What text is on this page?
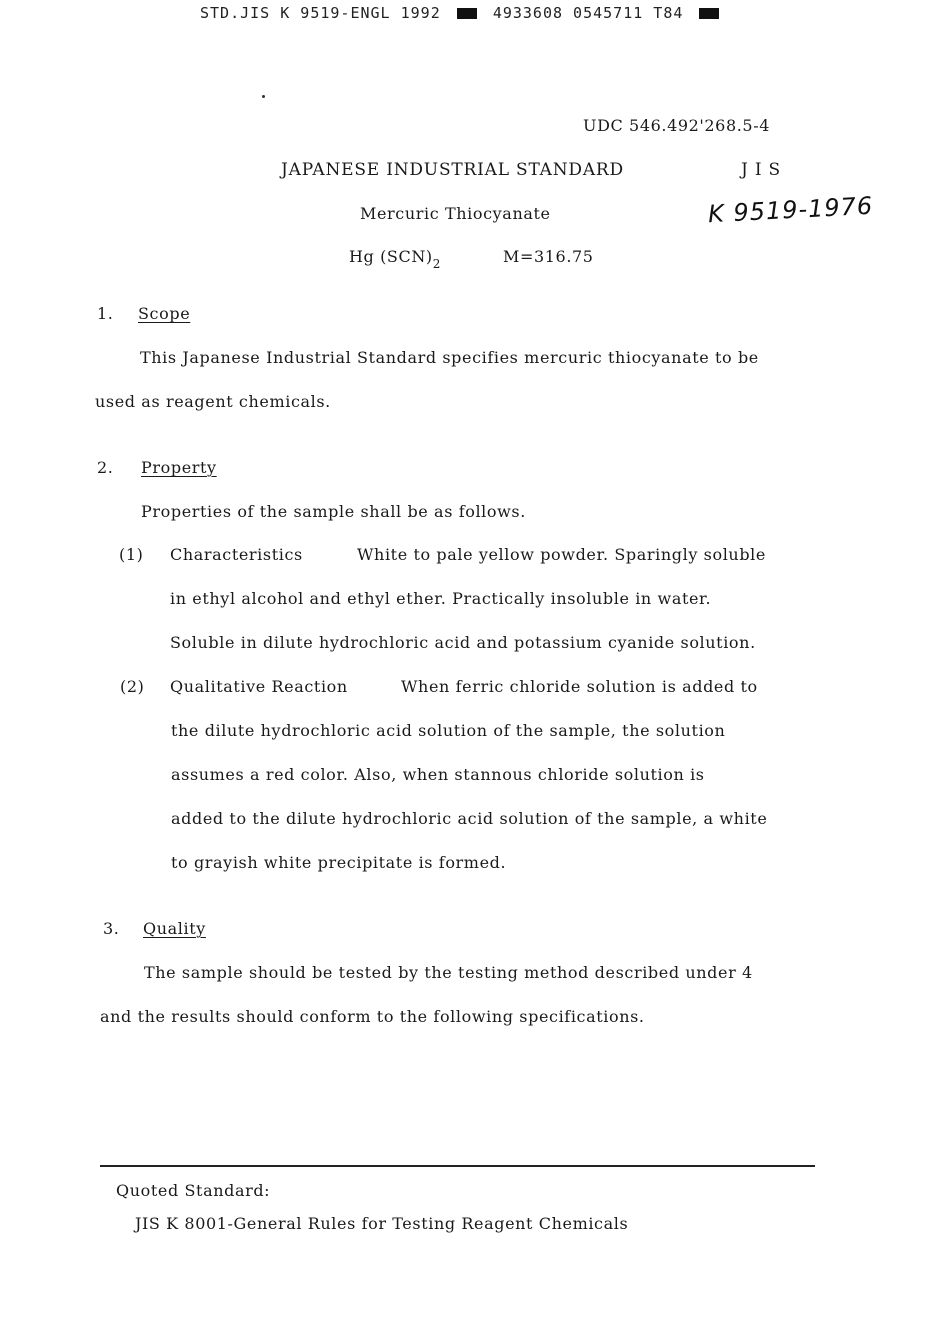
STD.JIS K 9519-ENGL 1992	4933608 0545711 T84
UDC 546.492'268.5-4
JAPANESE INDUSTRIAL STANDARD	J I S
K 9519-1976
Mercuric Thiocyanate
Hg $(SCN)_2$	M=316.75
1. Scope
This Japanese Industrial Standard specifies mercuric thiocyanate to be
used as reagent chemicals.
2. Property
Properties of the sample shall be as follows.
(1) Characteristics	White to pale yellow powder. Sparingly soluble
in ethyl alcohol and ethyl ether. Practically insoluble in water.
Soluble in dilute hydrochloric acid and potassium cyanide solution.
(2) Qualitative Reaction	When ferric chloride solution is added to
the dilute hydrochloric acid solution of the sample, the solution
assumes a red color. Also, when stannous chloride solution is
added to the dilute hydrochloric acid solution of the sample, a white
to grayish white precipitate is formed.
3. Quality
The sample should be tested by the testing method described under 4
and the results should conform to the following specifications.
Quoted Standard:
JIS K 8001-General Rules for Testing Reagent Chemicals
